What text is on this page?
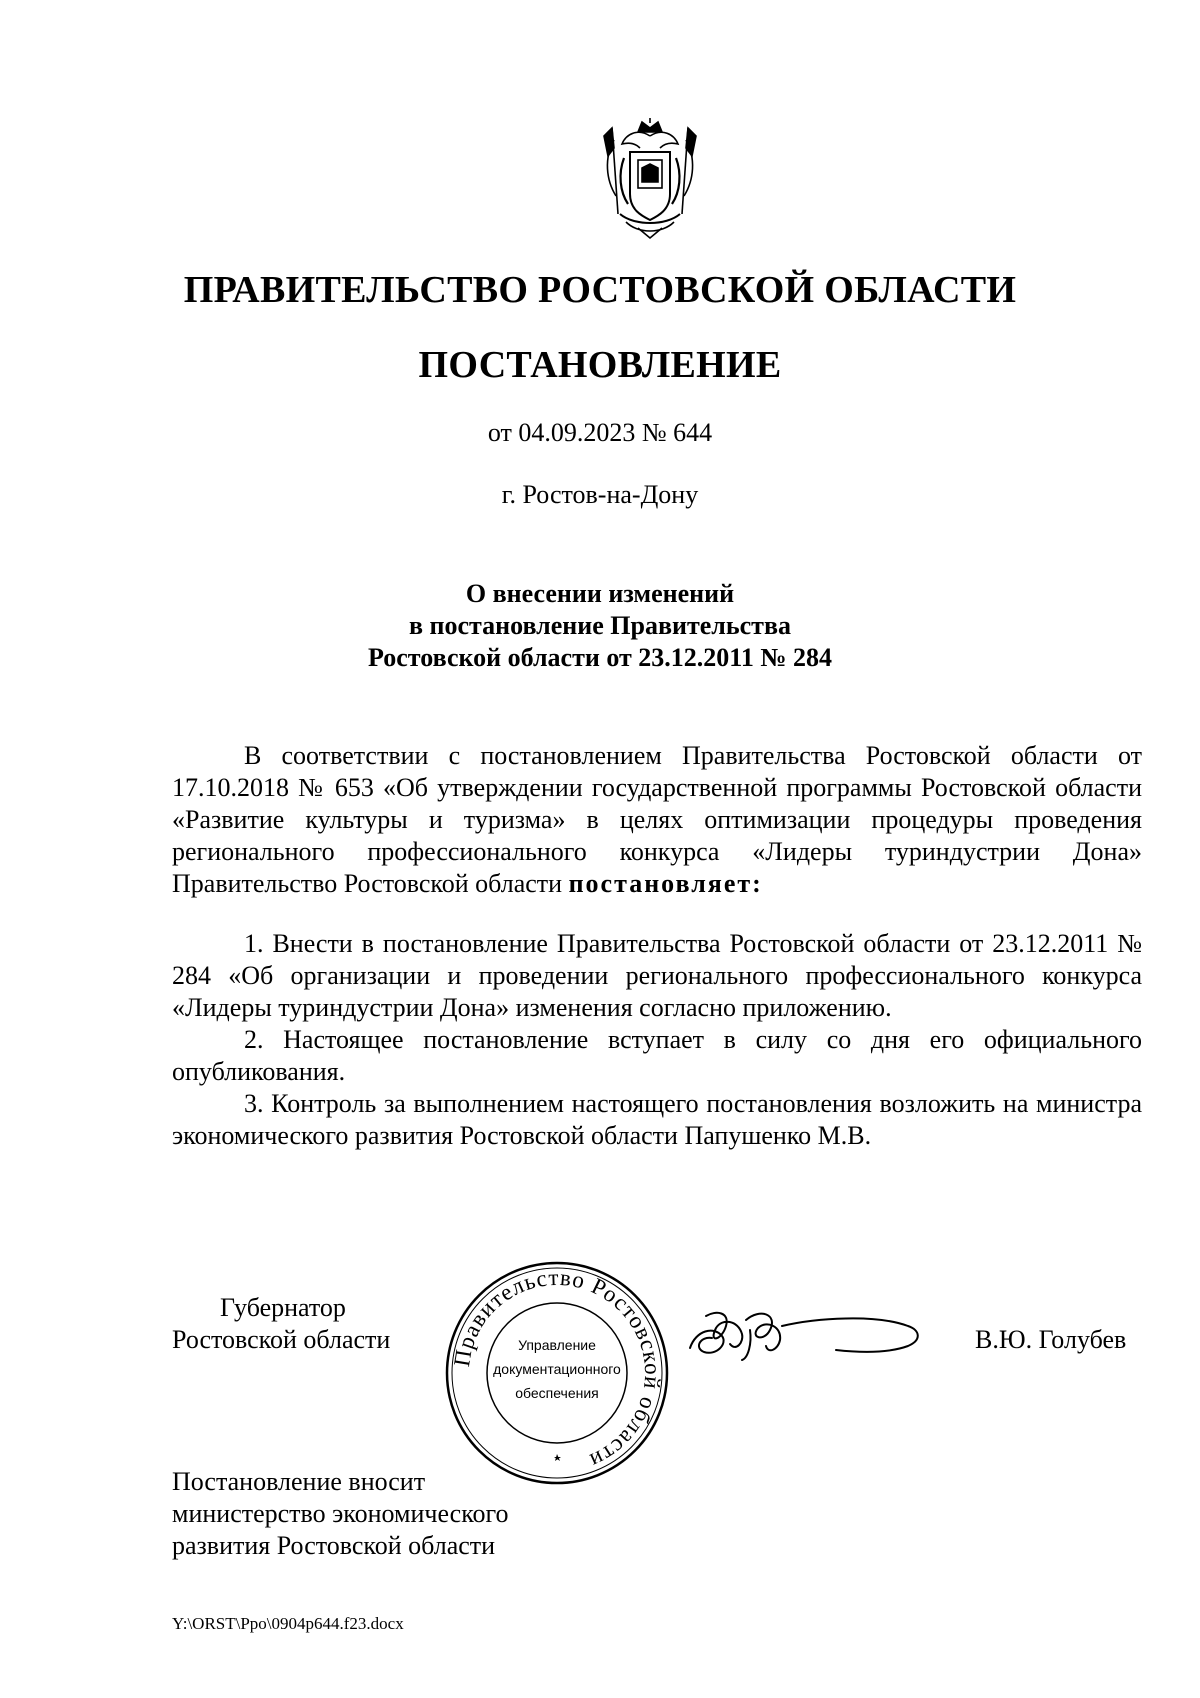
ПРАВИТЕЛЬСТВО РОСТОВСКОЙ ОБЛАСТИ
ПОСТАНОВЛЕНИЕ
от 04.09.2023 № 644
г. Ростов-на-Дону
О внесении изменений
в постановление Правительства
Ростовской области от 23.12.2011 № 284

В соответствии с постановлением Правительства Ростовской области от 17.10.2018 № 653 «Об утверждении государственной программы Ростовской области «Развитие культуры и туризма» в целях оптимизации процедуры проведения регионального профессионального конкурса «Лидеры туриндустрии Дона» Правительство Ростовской области постановляет:

1. Внести в постановление Правительства Ростовской области от 23.12.2011 № 284 «Об организации и проведении регионального профессионального конкурса «Лидеры туриндустрии Дона» изменения согласно приложению.

2. Настоящее постановление вступает в силу со дня его официального опубликования.

3. Контроль за выполнением настоящего постановления возложить на министра экономического развития Ростовской области Папушенко М.В.

Губернатор
Ростовской области
Правительство Ростовской области
Управление
документационного
обеспечения
В.Ю. Голубев
Постановление вносит
министерство экономического
развития Ростовской области
Y:\ORST\Ppo\0904p644.f23.docx
